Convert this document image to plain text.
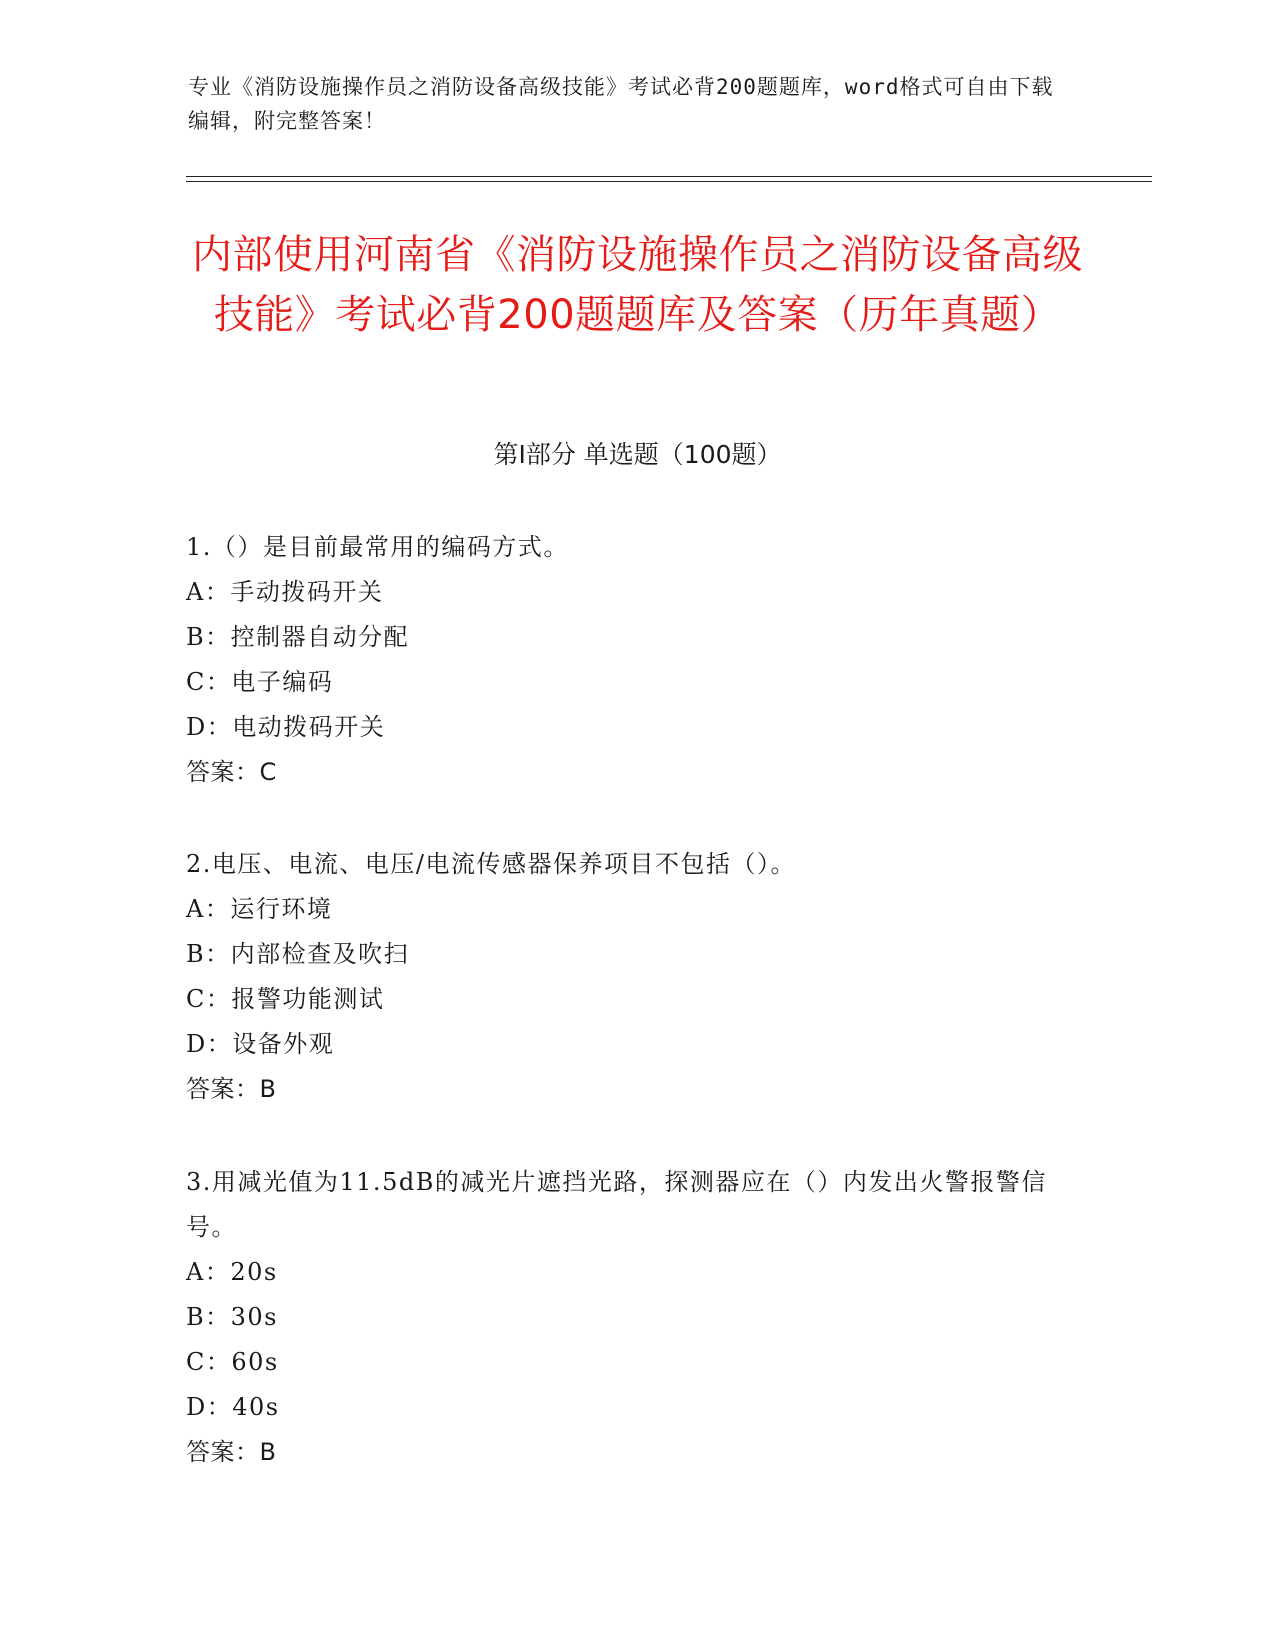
专业《消防设施操作员之消防设备高级技能》考试必背200题题库，word格式可自由下载编辑，附完整答案！
内部使用河南省《消防设施操作员之消防设备高级技能》考试必背200题题库及答案（历年真题）
第I部分 单选题（100题）
1.（）是目前最常用的编码方式。
A：手动拨码开关
B：控制器自动分配
C：电子编码
D：电动拨码开关
答案：C
2.电压、电流、电压/电流传感器保养项目不包括（）。
A：运行环境
B：内部检查及吹扫
C：报警功能测试
D：设备外观
答案：B
3.用减光值为11.5dB的减光片遮挡光路，探测器应在（）内发出火警报警信号。
A：20s
B：30s
C：60s
D：40s
答案：B
